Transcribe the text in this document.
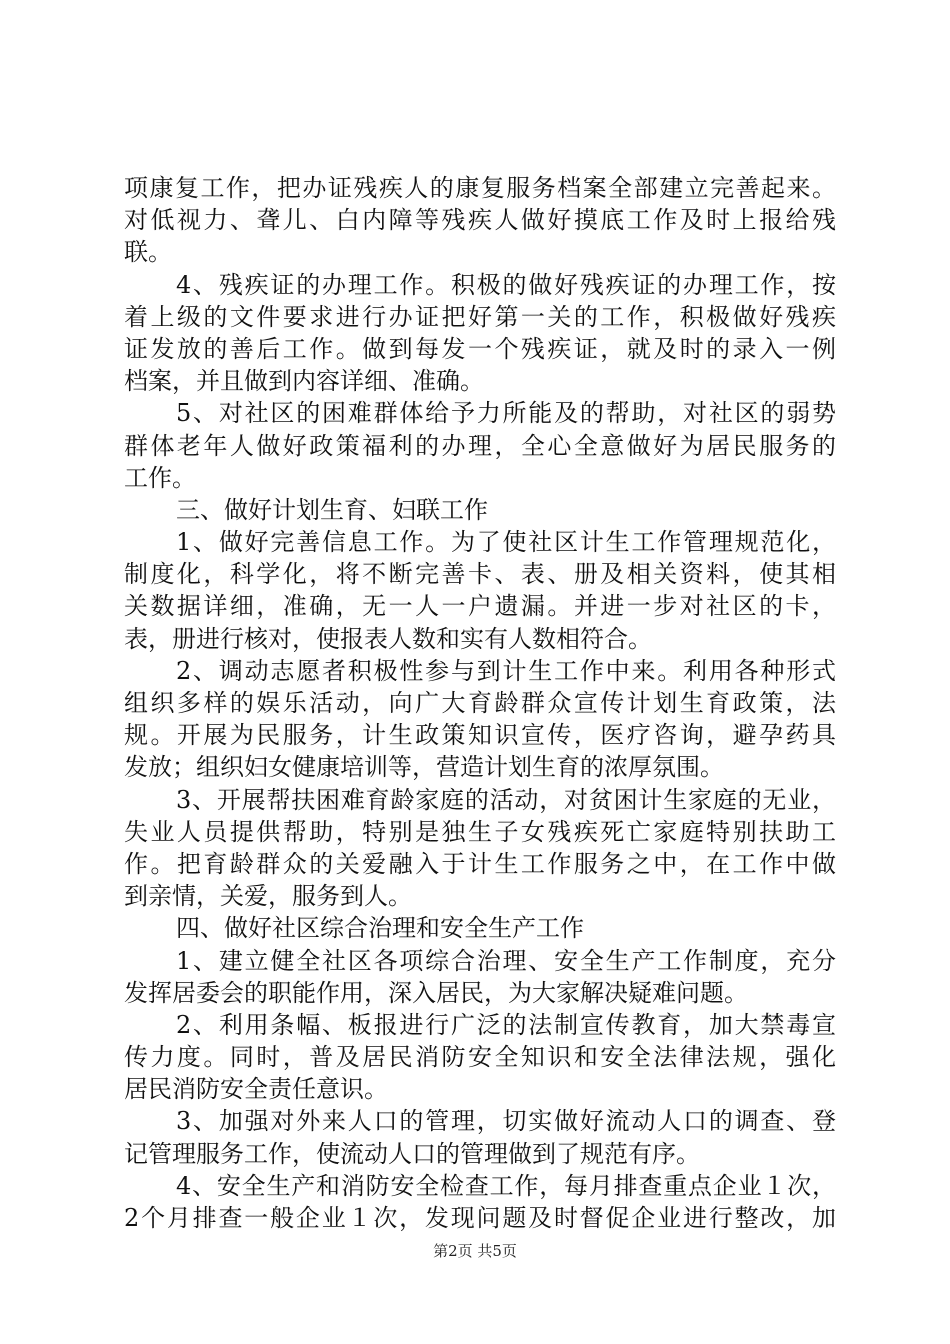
项康复工作，把办证残疾人的康复服务档案全部建立完善起来。
对低视力、聋儿、白内障等残疾人做好摸底工作及时上报给残
联。
4、残疾证的办理工作。积极的做好残疾证的办理工作，按
着上级的文件要求进行办证把好第一关的工作，积极做好残疾
证发放的善后工作。做到每发一个残疾证，就及时的录入一例
档案，并且做到内容详细、准确。
5、对社区的困难群体给予力所能及的帮助，对社区的弱势
群体老年人做好政策福利的办理，全心全意做好为居民服务的
工作。
三、做好计划生育、妇联工作
1、做好完善信息工作。为了使社区计生工作管理规范化，
制度化，科学化，将不断完善卡、表、册及相关资料，使其相
关数据详细，准确，无一人一户遗漏。并进一步对社区的卡，
表，册进行核对，使报表人数和实有人数相符合。
2、调动志愿者积极性参与到计生工作中来。利用各种形式
组织多样的娱乐活动，向广大育龄群众宣传计划生育政策，法
规。开展为民服务，计生政策知识宣传，医疗咨询，避孕药具
发放；组织妇女健康培训等，营造计划生育的浓厚氛围。
3、开展帮扶困难育龄家庭的活动，对贫困计生家庭的无业，
失业人员提供帮助，特别是独生子女残疾死亡家庭特别扶助工
作。把育龄群众的关爱融入于计生工作服务之中，在工作中做
到亲情，关爱，服务到人。
四、做好社区综合治理和安全生产工作
1、建立健全社区各项综合治理、安全生产工作制度，充分
发挥居委会的职能作用，深入居民，为大家解决疑难问题。
2、利用条幅、板报进行广泛的法制宣传教育，加大禁毒宣
传力度。同时，普及居民消防安全知识和安全法律法规，强化
居民消防安全责任意识。
3、加强对外来人口的管理，切实做好流动人口的调查、登
记管理服务工作，使流动人口的管理做到了规范有序。
4、安全生产和消防安全检查工作，每月排查重点企业１次，
2个月排查一般企业１次，发现问题及时督促企业进行整改，加
第2页 共5页
